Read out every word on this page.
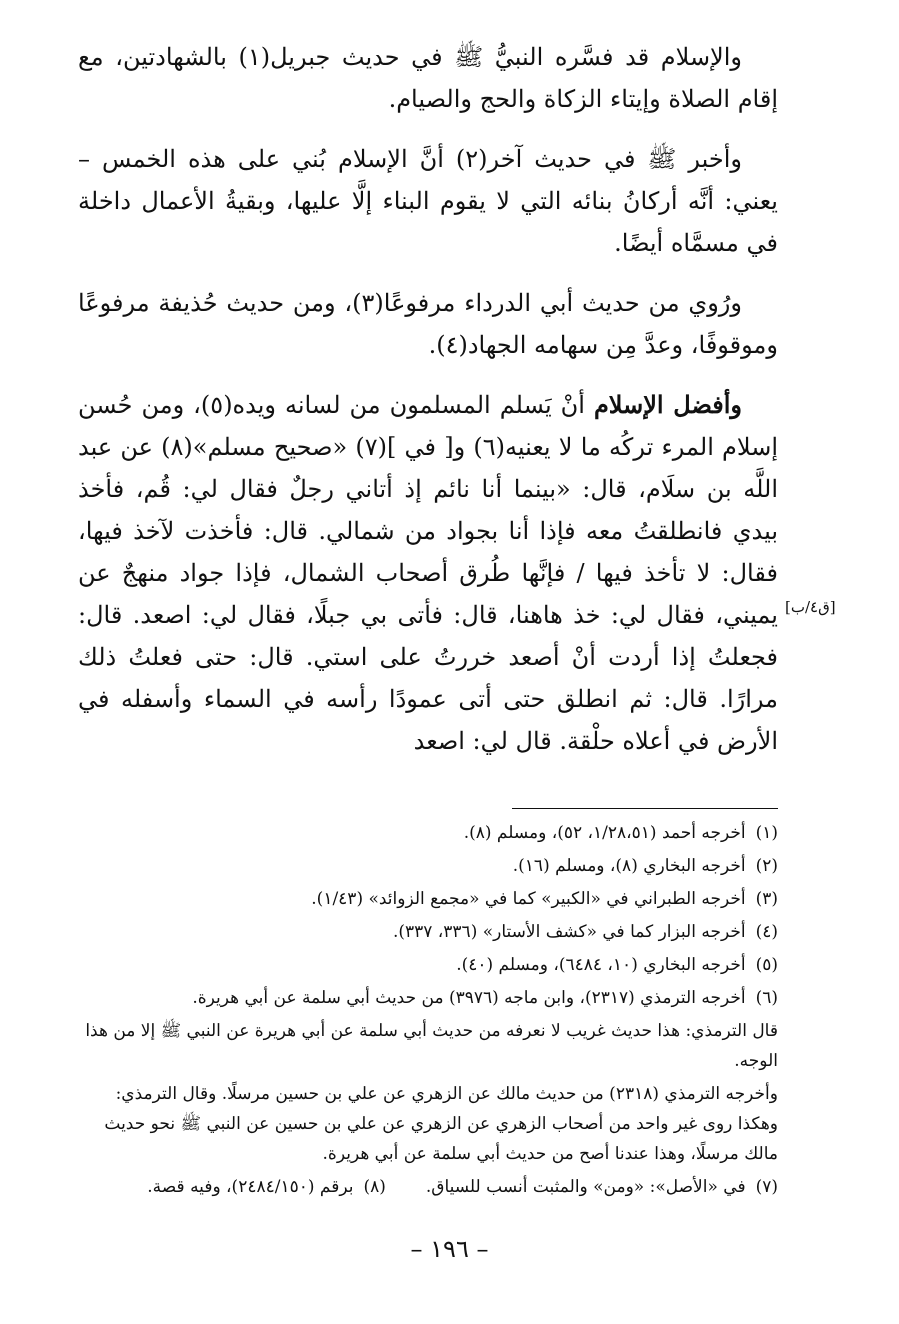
والإسلام قد فسَّره النبيُّ ﷺ في حديث جبريل(١) بالشهادتين، مع إقام الصلاة وإيتاء الزكاة والحج والصيام.

وأخبر ﷺ في حديث آخر(٢) أنَّ الإسلام بُني على هذه الخمس – يعني: أنَّه أركانُ بنائه التي لا يقوم البناء إلَّا عليها، وبقيةُ الأعمال داخلة في مسمَّاه أيضًا.

ورُوي من حديث أبي الدرداء مرفوعًا(٣)، ومن حديث حُذيفة مرفوعًا وموقوفًا، وعدَّ مِن سهامه الجهاد(٤).

وأفضل الإسلام أنْ يَسلم المسلمون من لسانه ويده(٥)، ومن حُسن إسلام المرء تركُه ما لا يعنيه(٦) و[ في ](٧) «صحيح مسلم»(٨) عن عبد اللَّه بن سلَام، قال: «بينما أنا نائم إذ أتاني رجلٌ فقال لي: قُم، فأخذ بيدي فانطلقتُ معه فإذا أنا بجواد من شمالي. قال: فأخذت لآخذ فيها، فقال: لا تأخذ فيها / فإنَّها طُرق أصحاب الشمال، فإذا جواد منهجٌ عن يميني، فقال لي: خذ هاهنا، قال: فأتى بي جبلًا، فقال لي: اصعد. قال: فجعلتُ إذا أردت أنْ أصعد خررتُ على استي. قال: حتى فعلتُ ذلك مرارًا. قال: ثم انطلق حتى أتى عمودًا رأسه في السماء وأسفله في الأرض في أعلاه حلْقة. قال لي: اصعد

[ق٤/ب]
(١)أخرجه أحمد (١/٢٨،٥١، ٥٢)، ومسلم (٨).
(٢)أخرجه البخاري (٨)، ومسلم (١٦).
(٣)أخرجه الطبراني في «الكبير» كما في «مجمع الزوائد» (١/٤٣).
(٤)أخرجه البزار كما في «كشف الأستار» (٣٣٦، ٣٣٧).
(٥)أخرجه البخاري (١٠، ٦٤٨٤)، ومسلم (٤٠).
(٦)أخرجه الترمذي (٢٣١٧)، وابن ماجه (٣٩٧٦) من حديث أبي سلمة عن أبي هريرة.
قال الترمذي: هذا حديث غريب لا نعرفه من حديث أبي سلمة عن أبي هريرة عن النبي ﷺ إلا من هذا الوجه.
وأخرجه الترمذي (٢٣١٨) من حديث مالك عن الزهري عن علي بن حسين مرسلًا. وقال الترمذي: وهكذا روى غير واحد من أصحاب الزهري عن الزهري عن علي بن حسين عن النبي ﷺ نحو حديث مالك مرسلًا، وهذا عندنا أصح من حديث أبي سلمة عن أبي هريرة.
(٧)في «الأصل»: «ومن» والمثبت أنسب للسياق.(٨)برقم (٢٤٨٤/١٥٠)، وفيه قصة.
– ١٩٦ –
